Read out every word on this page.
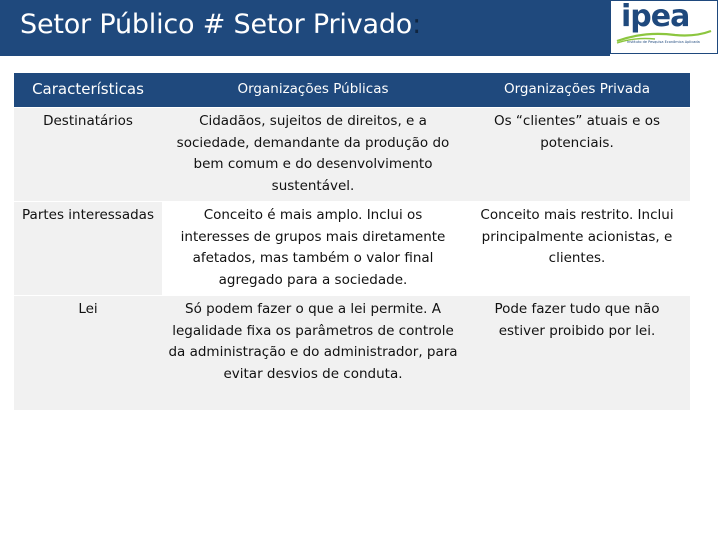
Setor Público # Setor Privado:	ipea
Instituto de Pesquisa Econômica Aplicada
Características	Organizações Públicas	Organizações Privada
Destinatários	Cidadãos, sujeitos de direitos, e a sociedade, demandante da produção do bem comum e do desenvolvimento sustentável.	Os “clientes” atuais e os potenciais.
Partes interessadas	Conceito é mais amplo. Inclui os interesses de grupos mais diretamente afetados, mas também o valor final agregado para a sociedade.	Conceito mais restrito. Inclui principalmente acionistas, e clientes.
Lei	Só podem fazer o que a lei permite. A legalidade fixa os parâmetros de controle da administração e do administrador, para evitar desvios de conduta.	Pode fazer tudo que não estiver proibido por lei.
